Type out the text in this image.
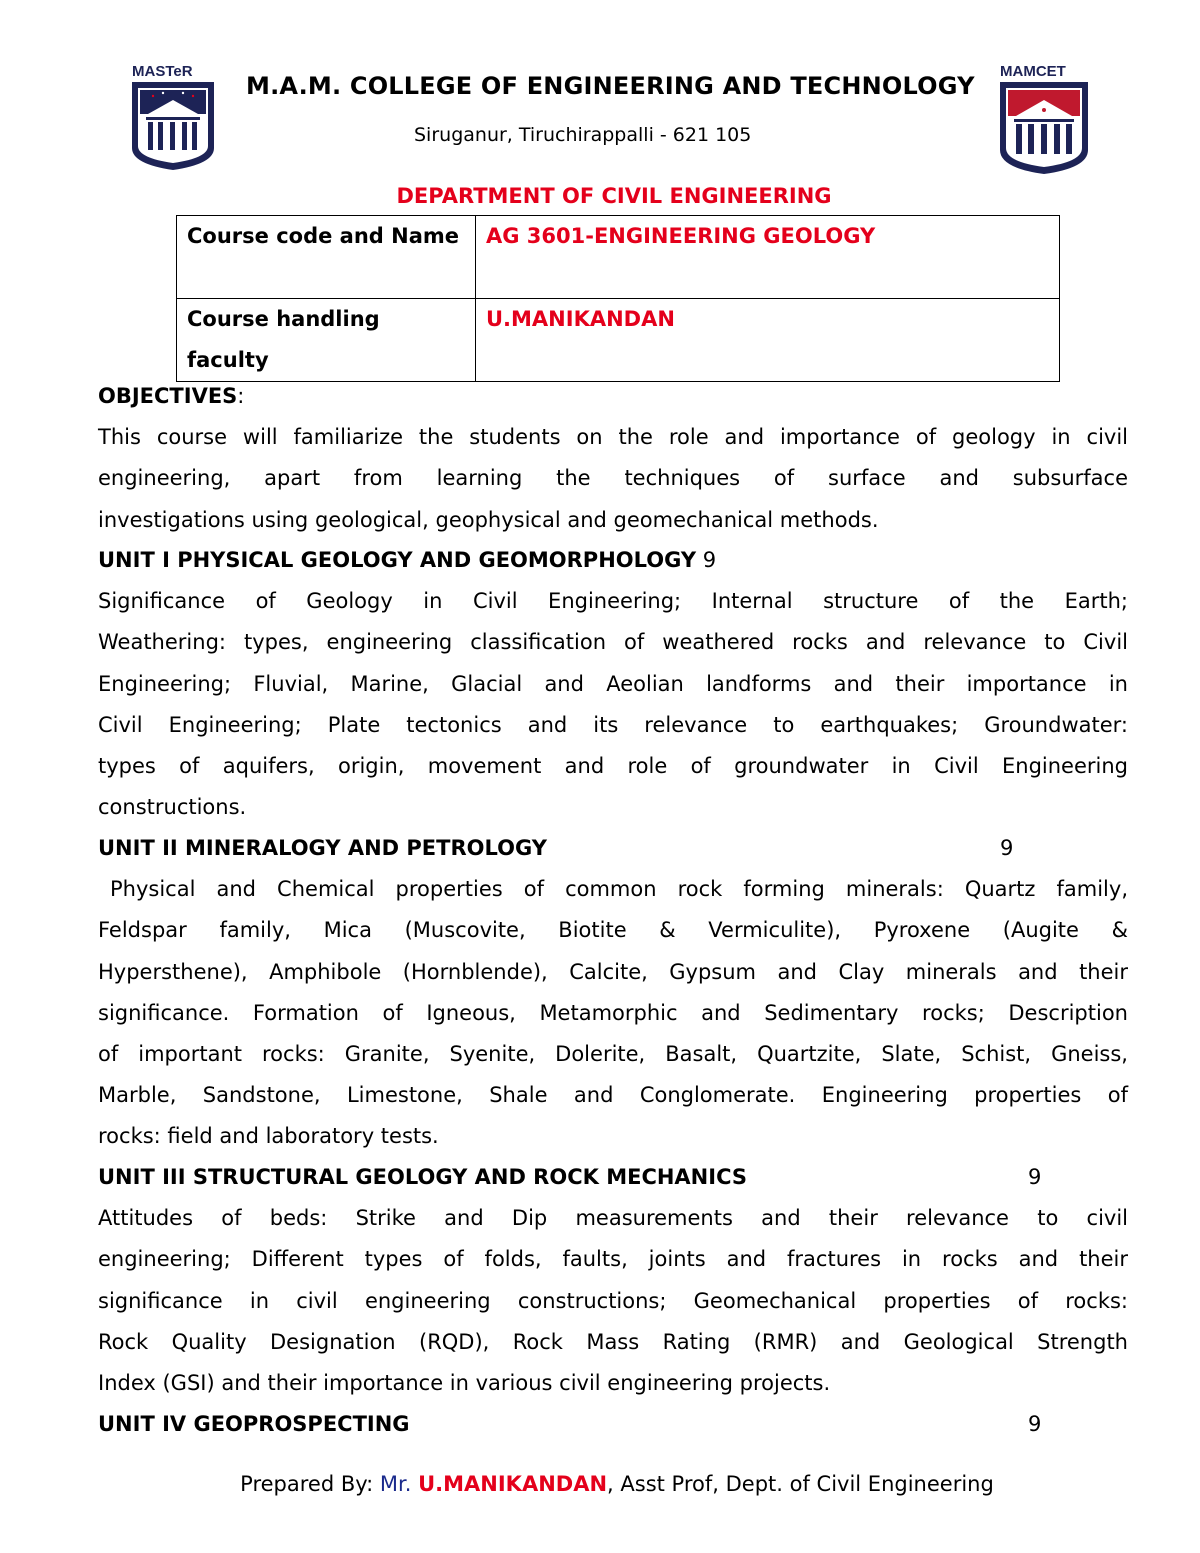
MASTeR	MAMCET
M.A.M. COLLEGE OF ENGINEERING AND TECHNOLOGY
Siruganur, Tiruchirappalli - 621 105
DEPARTMENT OF CIVIL ENGINEERING
Course code and Name	AG 3601-ENGINEERING GEOLOGY
Course handling faculty	U.MANIKANDAN
OBJECTIVES:
This course will familiarize the students on the role and importance of geology in civil
engineering, apart from learning the techniques of surface and subsurface
investigations using geological, geophysical and geomechanical methods.
UNIT I PHYSICAL GEOLOGY AND GEOMORPHOLOGY 9
Significance of Geology in Civil Engineering; Internal structure of the Earth;
Weathering: types, engineering classification of weathered rocks and relevance to Civil
Engineering; Fluvial, Marine, Glacial and Aeolian landforms and their importance in
Civil Engineering; Plate tectonics and its relevance to earthquakes; Groundwater:
types of aquifers, origin, movement and role of groundwater in Civil Engineering
constructions.
UNIT II MINERALOGY AND PETROLOGY	9
Physical and Chemical properties of common rock forming minerals: Quartz family,
Feldspar family, Mica (Muscovite, Biotite & Vermiculite), Pyroxene (Augite &
Hypersthene), Amphibole (Hornblende), Calcite, Gypsum and Clay minerals and their
significance. Formation of Igneous, Metamorphic and Sedimentary rocks; Description
of important rocks: Granite, Syenite, Dolerite, Basalt, Quartzite, Slate, Schist, Gneiss,
Marble, Sandstone, Limestone, Shale and Conglomerate. Engineering properties of
rocks: field and laboratory tests.
UNIT III STRUCTURAL GEOLOGY AND ROCK MECHANICS	9
Attitudes of beds: Strike and Dip measurements and their relevance to civil
engineering; Different types of folds, faults, joints and fractures in rocks and their
significance in civil engineering constructions; Geomechanical properties of rocks:
Rock Quality Designation (RQD), Rock Mass Rating (RMR) and Geological Strength
Index (GSI) and their importance in various civil engineering projects.
UNIT IV GEOPROSPECTING	9
Prepared By: Mr. U.MANIKANDAN, Asst Prof, Dept. of Civil Engineering
